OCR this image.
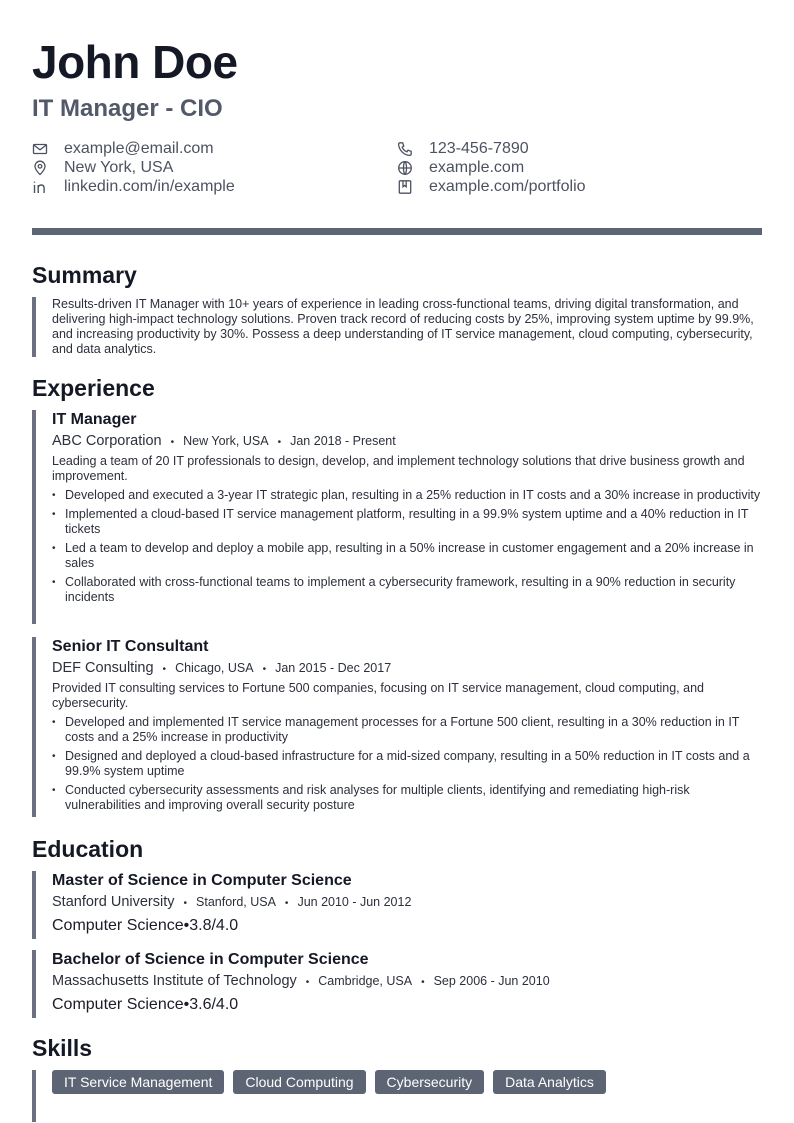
John Doe
IT Manager - CIO
example@email.com	123-456-7890
New York, USA	example.com
linkedin.com/in/example	example.com/portfolio
Summary
Results-driven IT Manager with 10+ years of experience in leading cross-functional teams, driving digital transformation, and delivering high-impact technology solutions. Proven track record of reducing costs by 25%, improving system uptime by 99.9%, and increasing productivity by 30%. Possess a deep understanding of IT service management, cloud computing, cybersecurity, and data analytics.
Experience
IT Manager
ABC Corporation • New York, USA • Jan 2018 - Present
Leading a team of 20 IT professionals to design, develop, and implement technology solutions that drive business growth and improvement.
• Developed and executed a 3-year IT strategic plan, resulting in a 25% reduction in IT costs and a 30% increase in productivity
• Implemented a cloud-based IT service management platform, resulting in a 99.9% system uptime and a 40% reduction in IT tickets
• Led a team to develop and deploy a mobile app, resulting in a 50% increase in customer engagement and a 20% increase in sales
• Collaborated with cross-functional teams to implement a cybersecurity framework, resulting in a 90% reduction in security incidents
Senior IT Consultant
DEF Consulting • Chicago, USA • Jan 2015 - Dec 2017
Provided IT consulting services to Fortune 500 companies, focusing on IT service management, cloud computing, and cybersecurity.
• Developed and implemented IT service management processes for a Fortune 500 client, resulting in a 30% reduction in IT costs and a 25% increase in productivity
• Designed and deployed a cloud-based infrastructure for a mid-sized company, resulting in a 50% reduction in IT costs and a 99.9% system uptime
• Conducted cybersecurity assessments and risk analyses for multiple clients, identifying and remediating high-risk vulnerabilities and improving overall security posture
Education
Master of Science in Computer Science
Stanford University • Stanford, USA • Jun 2010 - Jun 2012
Computer Science • 3.8/4.0
Bachelor of Science in Computer Science
Massachusetts Institute of Technology • Cambridge, USA • Sep 2006 - Jun 2010
Computer Science • 3.6/4.0
Skills
IT Service Management	Cloud Computing	Cybersecurity	Data Analytics
